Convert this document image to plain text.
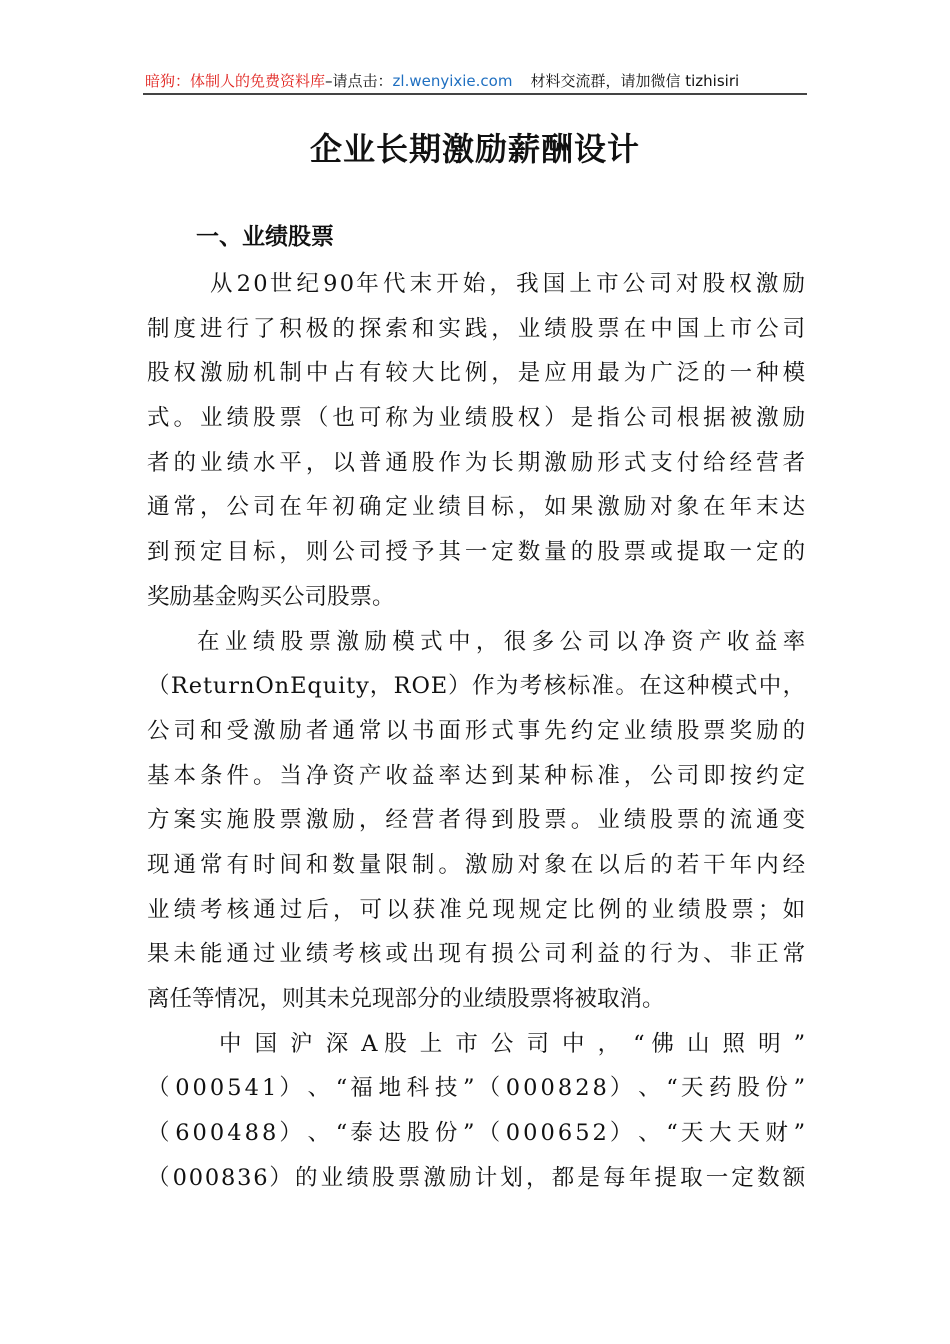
暗狗：体制人的免费资料库–请点击：zl.wenyixie.com 材料交流群，请加微信 tizhisiri
企业长期激励薪酬设计
一、业绩股票
从 2 0 世 纪 9 0 年 代 末 开 始 ， 我 国 上 市 公 司 对 股 权 激 励
制 度 进 行 了 积 极 的 探 索 和 实 践 ， 业 绩 股 票 在 中 国 上 市 公 司
股 权 激 励 机 制 中 占 有 较 大 比 例 ， 是 应 用 最 为 广 泛 的 一 种 模
式 。 业 绩 股 票 （ 也 可 称 为 业 绩 股 权 ） 是 指 公 司 根 据 被 激 励
者 的 业 绩 水 平 ， 以 普 通 股 作 为 长 期 激 励 形 式 支 付 给 经 营 者
通 常 ， 公 司 在 年 初 确 定 业 绩 目 标 ， 如 果 激 励 对 象 在 年 末 达
到 预 定 目 标 ， 则 公 司 授 予 其 一 定 数 量 的 股 票 或 提 取 一 定 的
奖励基金购买公司股票。
在 业 绩 股 票 激 励 模 式 中 ， 很 多 公 司 以 净 资 产 收 益 率
（ R e t u r n O n E q u i t y ， R O E ） 作 为 考 核 标 准 。 在 这 种 模 式 中 ，
公 司 和 受 激 励 者 通 常 以 书 面 形 式 事 先 约 定 业 绩 股 票 奖 励 的
基 本 条 件 。 当 净 资 产 收 益 率 达 到 某 种 标 准 ， 公 司 即 按 约 定
方 案 实 施 股 票 激 励 ， 经 营 者 得 到 股 票 。 业 绩 股 票 的 流 通 变
现 通 常 有 时 间 和 数 量 限 制 。 激 励 对 象 在 以 后 的 若 干 年 内 经
业 绩 考 核 通 过 后 ， 可 以 获 准 兑 现 规 定 比 例 的 业 绩 股 票 ； 如
果 未 能 通 过 业 绩 考 核 或 出 现 有 损 公 司 利 益 的 行 为 、 非 正 常
离任等情况，则其未兑现部分的业绩股票将被取消。
中 国 沪 深 A 股 上 市 公 司 中 ， “ 佛 山 照 明 ”
（ 0 0 0 5 4 1 ） 、 “ 福 地 科 技 ” （ 0 0 0 8 2 8 ） 、 “ 天 药 股 份 ”
（ 6 0 0 4 8 8 ） 、 “ 泰 达 股 份 ” （ 0 0 0 6 5 2 ） 、 “ 天 大 天 财 ”
（ 0 0 0 8 3 6 ） 的 业 绩 股 票 激 励 计 划 ， 都 是 每 年 提 取 一 定 数 额
